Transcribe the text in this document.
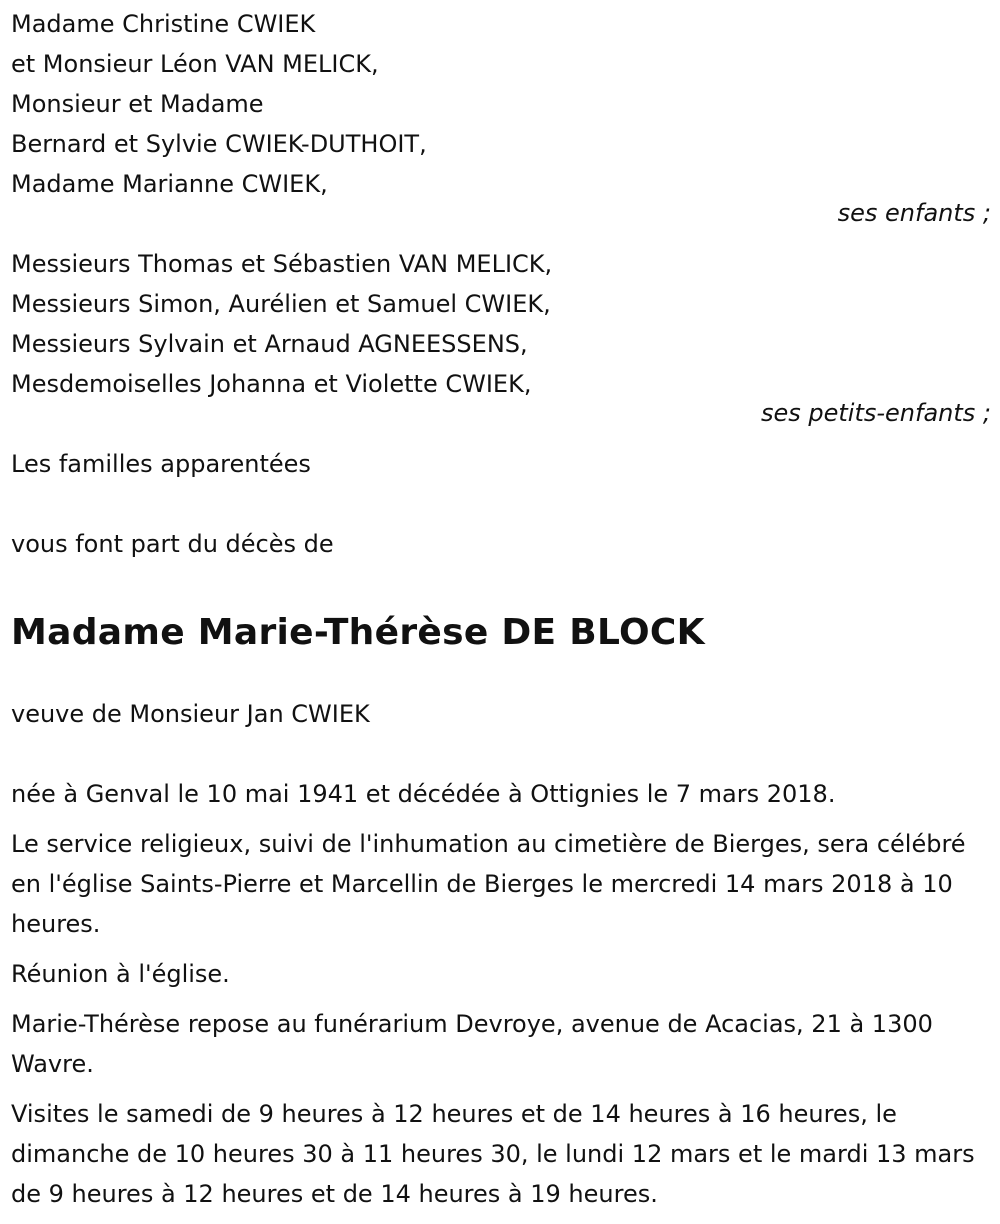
Madame Christine CWIEK
et Monsieur Léon VAN MELICK,
Monsieur et Madame
Bernard et Sylvie CWIEK-DUTHOIT,
Madame Marianne CWIEK,
ses enfants ;
Messieurs Thomas et Sébastien VAN MELICK,
Messieurs Simon, Aurélien et Samuel CWIEK,
Messieurs Sylvain et Arnaud AGNEESSENS,
Mesdemoiselles Johanna et Violette CWIEK,
ses petits-enfants ;
Les familles apparentées
vous font part du décès de
Madame Marie-Thérèse DE BLOCK
veuve de Monsieur Jan CWIEK

née à Genval le 10 mai 1941 et décédée à Ottignies le 7 mars 2018.

Le service religieux, suivi de l'inhumation au cimetière de Bierges, sera célébré en l'église Saints-Pierre et Marcellin de Bierges le mercredi 14 mars 2018 à 10 heures.

Réunion à l'église.

Marie-Thérèse repose au funérarium Devroye, avenue de Acacias, 21 à 1300 Wavre.

Visites le samedi de 9 heures à 12 heures et de 14 heures à 16 heures, le dimanche de 10 heures 30 à 11 heures 30, le lundi 12 mars et le mardi 13 mars de 9 heures à 12 heures et de 14 heures à 19 heures.
